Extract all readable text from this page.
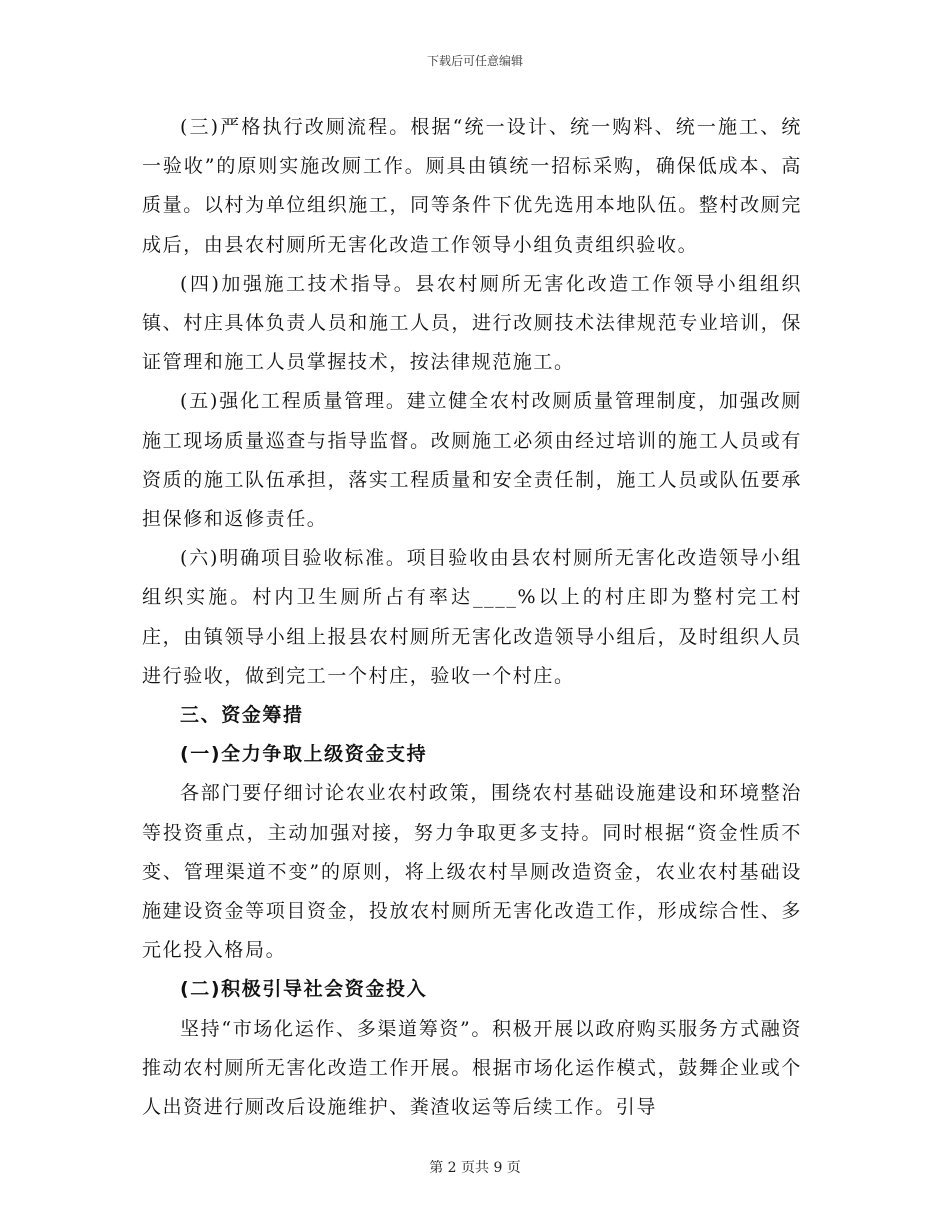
下载后可任意编辑

(三)严格执行改厕流程。根据“统一设计、统一购料、统一施工、统一验收”的原则实施改厕工作。厕具由镇统一招标采购，确保低成本、高质量。以村为单位组织施工，同等条件下优先选用本地队伍。整村改厕完成后，由县农村厕所无害化改造工作领导小组负责组织验收。

(四)加强施工技术指导。县农村厕所无害化改造工作领导小组组织镇、村庄具体负责人员和施工人员，进行改厕技术法律规范专业培训，保证管理和施工人员掌握技术，按法律规范施工。

(五)强化工程质量管理。建立健全农村改厕质量管理制度，加强改厕施工现场质量巡查与指导监督。改厕施工必须由经过培训的施工人员或有资质的施工队伍承担，落实工程质量和安全责任制，施工人员或队伍要承担保修和返修责任。

(六)明确项目验收标准。项目验收由县农村厕所无害化改造领导小组组织实施。村内卫生厕所占有率达____%以上的村庄即为整村完工村庄，由镇领导小组上报县农村厕所无害化改造领导小组后，及时组织人员进行验收，做到完工一个村庄，验收一个村庄。

三、资金筹措

(一)全力争取上级资金支持

各部门要仔细讨论农业农村政策，围绕农村基础设施建设和环境整治等投资重点，主动加强对接，努力争取更多支持。同时根据“资金性质不变、管理渠道不变”的原则，将上级农村旱厕改造资金，农业农村基础设施建设资金等项目资金，投放农村厕所无害化改造工作，形成综合性、多元化投入格局。

(二)积极引导社会资金投入

坚持“市场化运作、多渠道筹资”。积极开展以政府购买服务方式融资推动农村厕所无害化改造工作开展。根据市场化运作模式，鼓舞企业或个人出资进行厕改后设施维护、粪渣收运等后续工作。引导

第 2 页共 9 页
